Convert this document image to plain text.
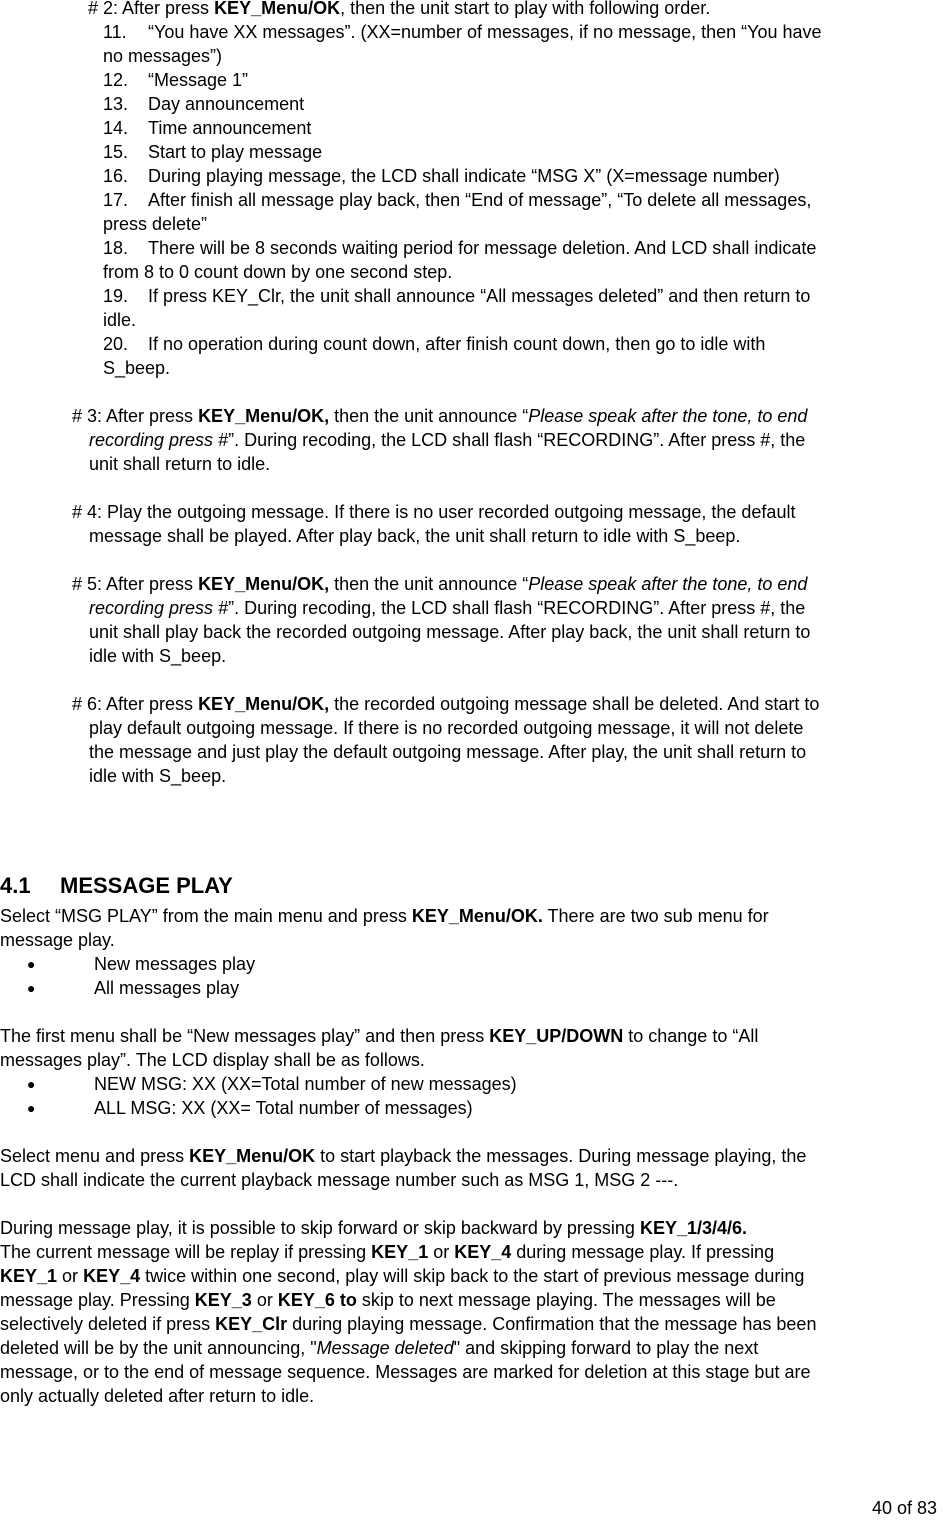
# 2: After press KEY_Menu/OK, then the unit start to play with following order.
11. “You have XX messages”. (XX=number of messages, if no message, then “You have
no messages”)
12. “Message 1”
13. Day announcement
14. Time announcement
15. Start to play message
16. During playing message, the LCD shall indicate “MSG X” (X=message number)
17. After finish all message play back, then “End of message”, “To delete all messages,
press delete”
18. There will be 8 seconds waiting period for message deletion. And LCD shall indicate
from 8 to 0 count down by one second step.
19. If press KEY_Clr, the unit shall announce “All messages deleted” and then return to
idle.
20. If no operation during count down, after finish count down, then go to idle with
S_beep.
# 3: After press KEY_Menu/OK, then the unit announce “Please speak after the tone, to end
recording press #”. During recoding, the LCD shall flash “RECORDING”. After press #, the
unit shall return to idle.
# 4: Play the outgoing message. If there is no user recorded outgoing message, the default
message shall be played. After play back, the unit shall return to idle with S_beep.
# 5: After press KEY_Menu/OK, then the unit announce “Please speak after the tone, to end
recording press #”. During recoding, the LCD shall flash “RECORDING”. After press #, the
unit shall play back the recorded outgoing message. After play back, the unit shall return to
idle with S_beep.
# 6: After press KEY_Menu/OK, the recorded outgoing message shall be deleted. And start to
play default outgoing message. If there is no recorded outgoing message, it will not delete
the message and just play the default outgoing message. After play, the unit shall return to
idle with S_beep.
4.1 MESSAGE PLAY
Select “MSG PLAY” from the main menu and press KEY_Menu/OK. There are two sub menu for
message play.
●	New messages play
●	All messages play
The first menu shall be “New messages play” and then press KEY_UP/DOWN to change to “All
messages play”. The LCD display shall be as follows.
●	NEW MSG: XX (XX=Total number of new messages)
●	ALL MSG: XX (XX= Total number of messages)
Select menu and press KEY_Menu/OK to start playback the messages. During message playing, the
LCD shall indicate the current playback message number such as MSG 1, MSG 2 ---.
During message play, it is possible to skip forward or skip backward by pressing KEY_1/3/4/6.
The current message will be replay if pressing KEY_1 or KEY_4 during message play. If pressing
KEY_1 or KEY_4 twice within one second, play will skip back to the start of previous message during
message play. Pressing KEY_3 or KEY_6 to skip to next message playing. The messages will be
selectively deleted if press KEY_Clr during playing message. Confirmation that the message has been
deleted will be by the unit announcing, "Message deleted" and skipping forward to play the next
message, or to the end of message sequence. Messages are marked for deletion at this stage but are
only actually deleted after return to idle.
40 of 83
